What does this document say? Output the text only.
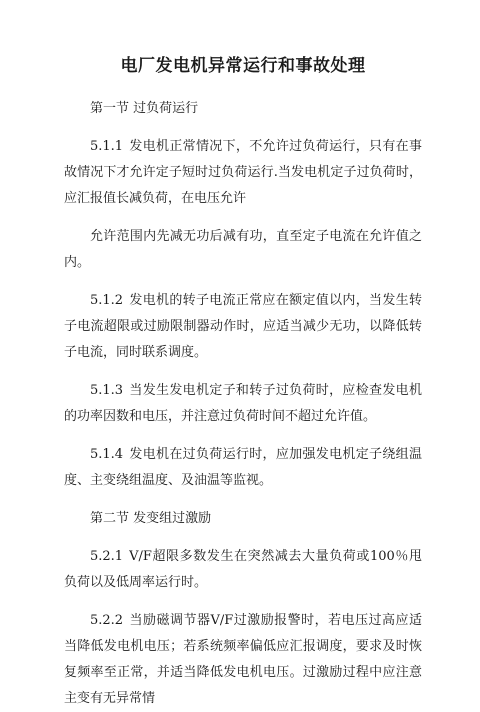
电厂发电机异常运行和事故处理
第一节 过负荷运行

5.1.1 发电机正常情况下，不允许过负荷运行，只有在事故情况下才允许定子短时过负荷运行.当发电机定子过负荷时，应汇报值长减负荷，在电压允许

允许范围内先减无功后减有功，直至定子电流在允许值之内。

5.1.2 发电机的转子电流正常应在额定值以内，当发生转子电流超限或过励限制器动作时，应适当减少无功，以降低转子电流，同时联系调度。

5.1.3 当发生发电机定子和转子过负荷时，应检查发电机的功率因数和电压，并注意过负荷时间不超过允许值。

5.1.4 发电机在过负荷运行时，应加强发电机定子绕组温度、主变绕组温度、及油温等监视。

第二节 发变组过激励

5.2.1 V/F超限多数发生在突然减去大量负荷或100％甩负荷以及低周率运行时。

5.2.2 当励磁调节器V/F过激励报警时，若电压过高应适当降低发电机电压；若系统频率偏低应汇报调度，要求及时恢复频率至正常，并适当降低发电机电压。过激励过程中应注意主变有无异常情
